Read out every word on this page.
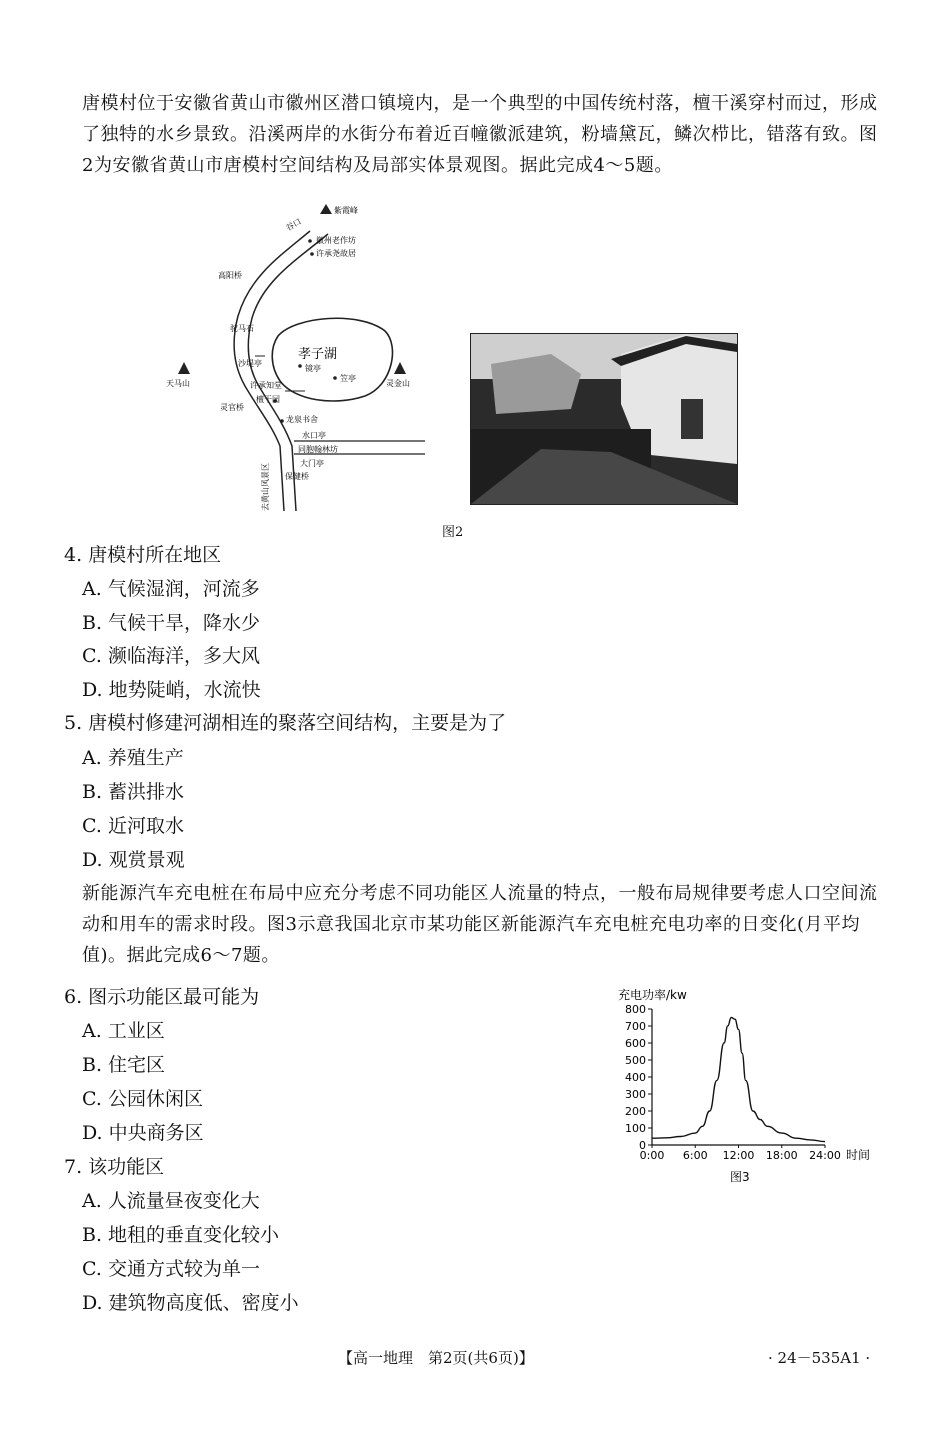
唐模村位于安徽省黄山市徽州区潜口镇境内，是一个典型的中国传统村落，檀干溪穿村而过，形成了独特的水乡景致。沿溪两岸的水街分布着近百幢徽派建筑，粉墙黛瓦，鳞次栉比，错落有致。图2为安徽省黄山市唐模村空间结构及局部实体景观图。据此完成4～5题。
紫霞峰
谷口
徽州老作坊
许承尧故居
高阳桥
驼马石
孝子湖
沙堤亭
天马山	灵金山
镜亭
笠亭
许承知堂
檀干园
灵官桥
龙泉书舍
水口亭
同胞翰林坊
大门亭
保健桥
去黄山风景区
图2
4. 唐模村所在地区
A. 气候湿润，河流多
B. 气候干旱，降水少
C. 濒临海洋，多大风
D. 地势陡峭，水流快
5. 唐模村修建河湖相连的聚落空间结构，主要是为了
A. 养殖生产
B. 蓄洪排水
C. 近河取水
D. 观赏景观
新能源汽车充电桩在布局中应充分考虑不同功能区人流量的特点，一般布局规律要考虑人口空间流动和用车的需求时段。图3示意我国北京市某功能区新能源汽车充电桩充电功率的日变化(月平均值)。据此完成6～7题。
6. 图示功能区最可能为
A. 工业区
B. 住宅区
C. 公园休闲区
D. 中央商务区
7. 该功能区
A. 人流量昼夜变化大
B. 地租的垂直变化较小
C. 交通方式较为单一
D. 建筑物高度低、密度小
充电功率/kw
0
100
200
300
400
500
600
700
800
0:00 6:00 12:00 18:00 24:00 时间
图3
【高一地理　第2页(共6页)】	· 24－535A1 ·
